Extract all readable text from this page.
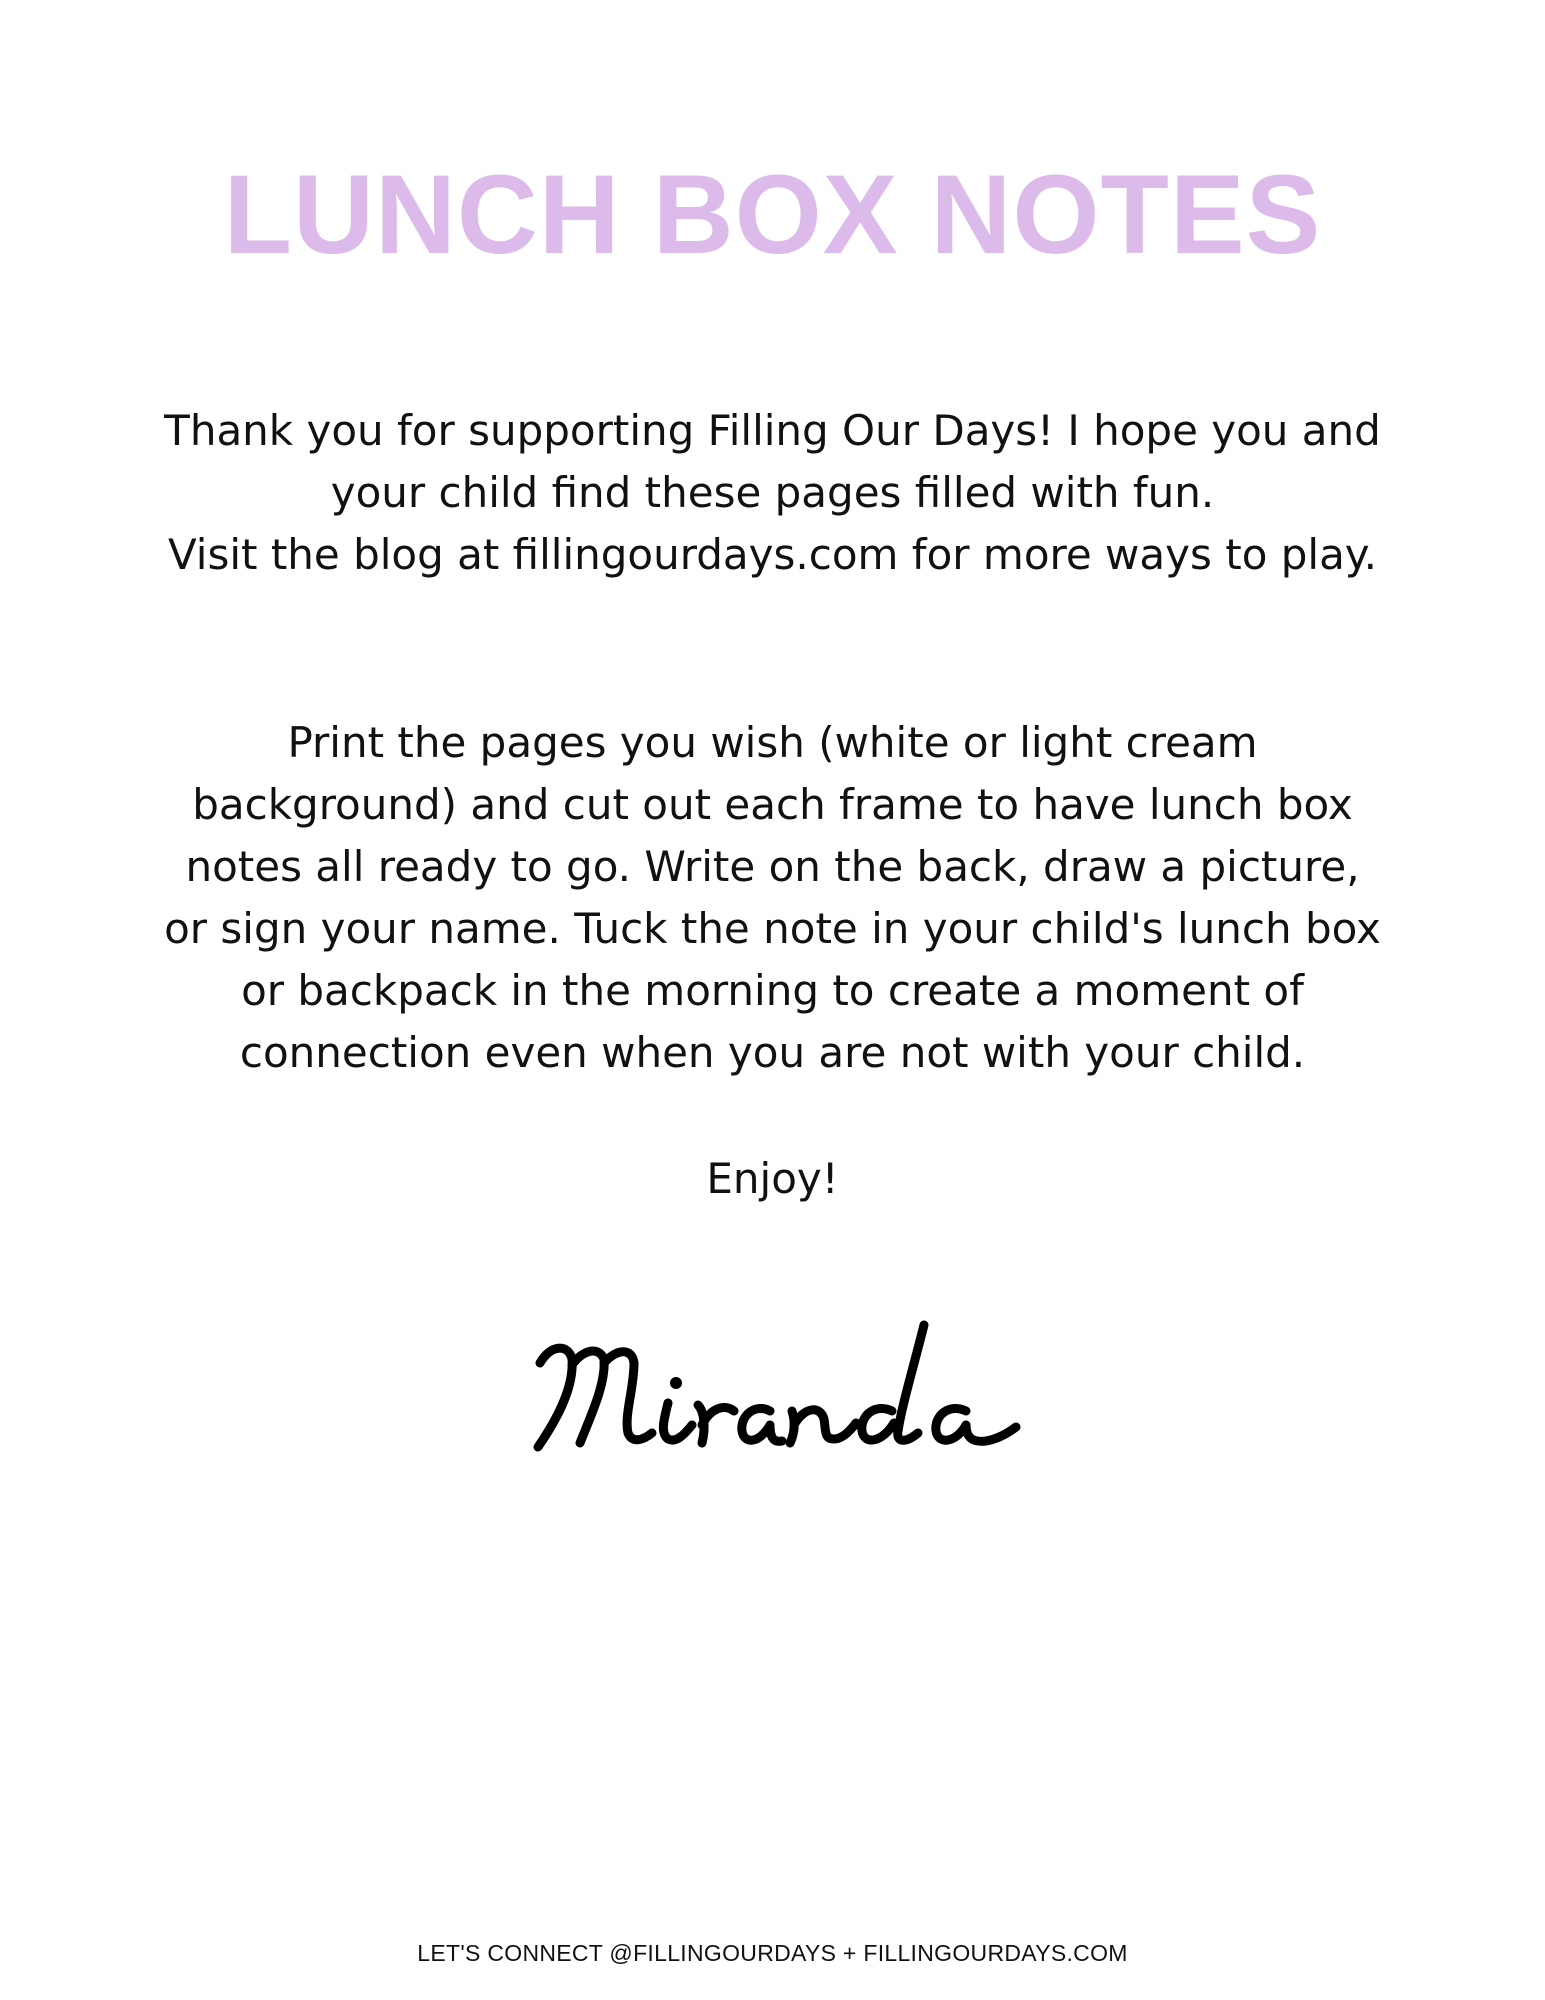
LUNCH BOX NOTES

Thank you for supporting Filling Our Days! I hope you and your child find these pages filled with fun.

Visit the blog at fillingourdays.com for more ways to play.

Print the pages you wish (white or light cream background) and cut out each frame to have lunch box notes all ready to go. Write on the back, draw a picture, or sign your name. Tuck the note in your child's lunch box or backpack in the morning to create a moment of connection even when you are not with your child.

Enjoy!

LET'S CONNECT @FILLINGOURDAYS + FILLINGOURDAYS.COM
